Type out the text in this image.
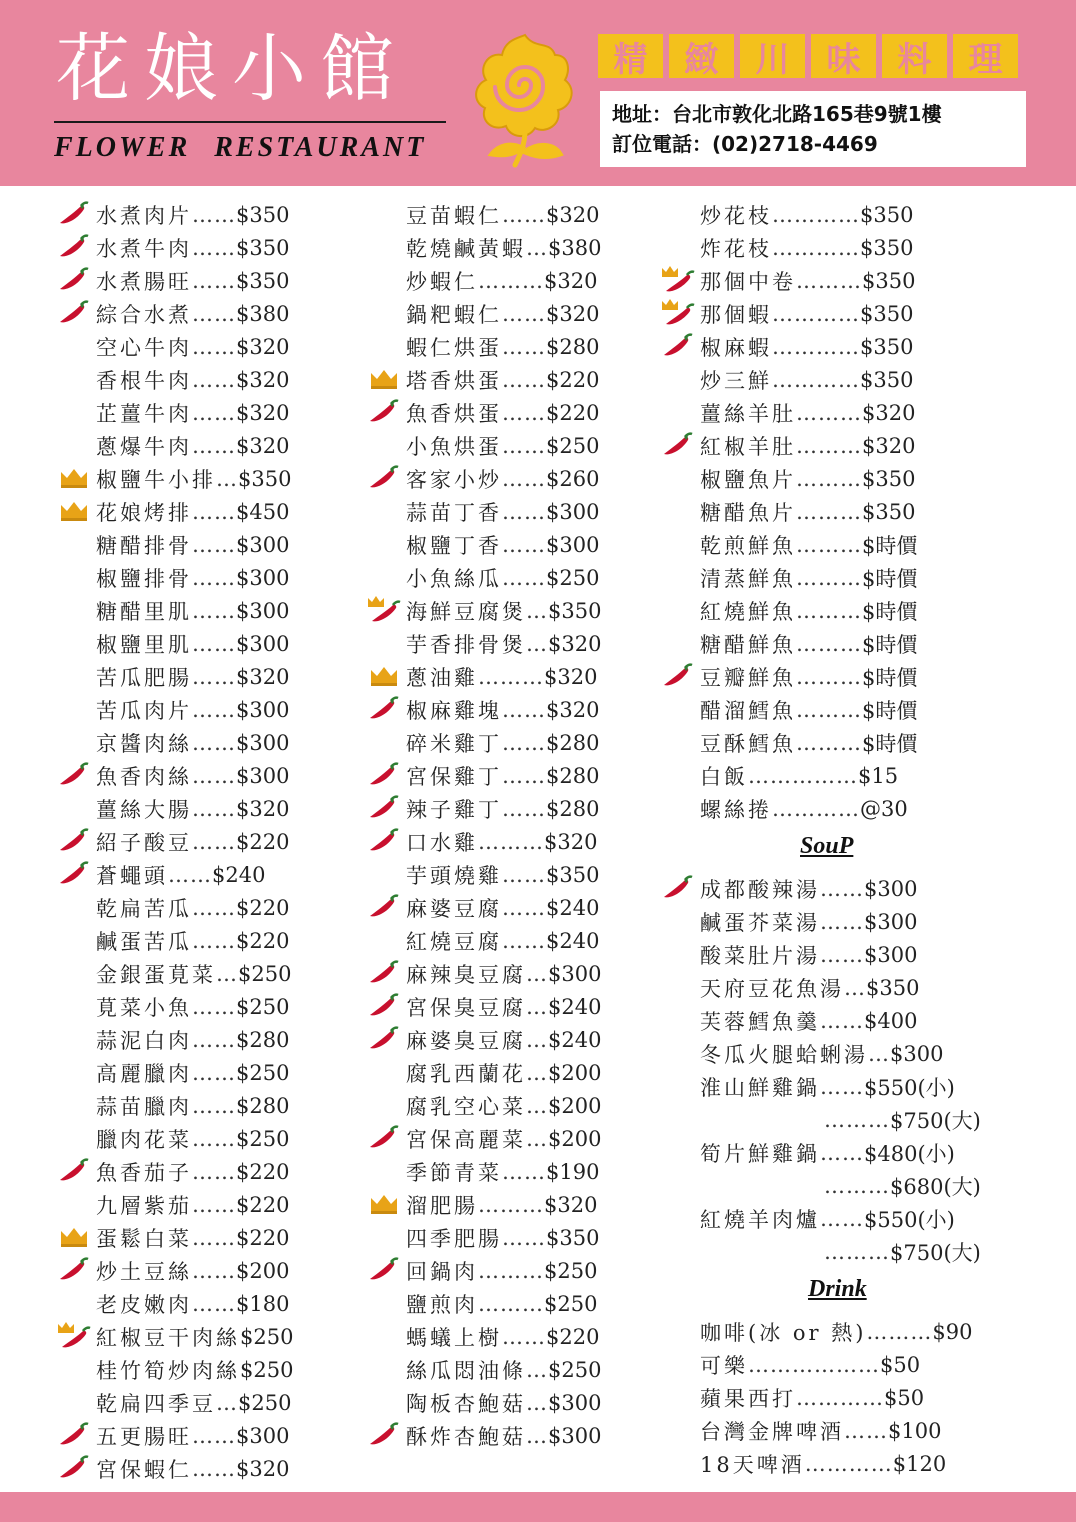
花娘小館
FLOWER RESTAURANT
精	緻	川	味	料	理
地址：台北市敦化北路165巷9號1樓
訂位電話：(02)2718-4469
水煮肉片 …… $350
水煮牛肉 …… $350
水煮腸旺 …… $350
綜合水煮 …… $380
空心牛肉 …… $320
香根牛肉 …… $320
芷薑牛肉 …… $320
蔥爆牛肉 …… $320
椒鹽牛小排 … $350
花娘烤排 …… $450
糖醋排骨 …… $300
椒鹽排骨 …… $300
糖醋里肌 …… $300
椒鹽里肌 …… $300
苦瓜肥腸 …… $320
苦瓜肉片 …… $300
京醬肉絲 …… $300
魚香肉絲 …… $300
薑絲大腸 …… $320
紹子酸豆 …… $220
蒼蠅頭 …… $240
乾扁苦瓜 …… $220
鹹蛋苦瓜 …… $220
金銀蛋莧菜 … $250
莧菜小魚 …… $250
蒜泥白肉 …… $280
高麗臘肉 …… $250
蒜苗臘肉 …… $280
臘肉花菜 …… $250
魚香茄子 …… $220
九層紫茄 …… $220
蛋鬆白菜 …… $220
炒土豆絲 …… $200
老皮嫩肉 …… $180
紅椒豆干肉絲 $250
桂竹筍炒肉絲 $250
乾扁四季豆 … $250
五更腸旺 …… $300
宮保蝦仁 …… $320
豆苗蝦仁 …… $320
乾燒鹹黃蝦 … $380
炒蝦仁 ……… $320
鍋粑蝦仁 …… $320
蝦仁烘蛋 …… $280
塔香烘蛋 …… $220
魚香烘蛋 …… $220
小魚烘蛋 …… $250
客家小炒 …… $260
蒜苗丁香 …… $300
椒鹽丁香 …… $300
小魚絲瓜 …… $250
海鮮豆腐煲 … $350
芋香排骨煲 … $320
蔥油雞 ……… $320
椒麻雞塊 …… $320
碎米雞丁 …… $280
宮保雞丁 …… $280
辣子雞丁 …… $280
口水雞 ……… $320
芋頭燒雞 …… $350
麻婆豆腐 …… $240
紅燒豆腐 …… $240
麻辣臭豆腐 … $300
宮保臭豆腐 … $240
麻婆臭豆腐 … $240
腐乳西蘭花 … $200
腐乳空心菜 … $200
宮保高麗菜 … $200
季節青菜 …… $190
溜肥腸 ……… $320
四季肥腸 …… $350
回鍋肉 ……… $250
鹽煎肉 ……… $250
螞蟻上樹 …… $220
絲瓜悶油條 … $250
陶板杏鮑菇 … $300
酥炸杏鮑菇 … $300
炒花枝 ………… $350
炸花枝 ………… $350
那個中卷 ……… $350
那個蝦 ………… $350
椒麻蝦 ………… $350
炒三鮮 ………… $350
薑絲羊肚 ……… $320
紅椒羊肚 ……… $320
椒鹽魚片 ……… $350
糖醋魚片 ……… $350
乾煎鮮魚 ……… $時價
清蒸鮮魚 ……… $時價
紅燒鮮魚 ……… $時價
糖醋鮮魚 ……… $時價
豆瓣鮮魚 ……… $時價
醋溜鱈魚 ……… $時價
豆酥鱈魚 ……… $時價
白飯 …………… $15
螺絲捲 ………… @30
SouP
成都酸辣湯 …… $300
鹹蛋芥菜湯 …… $300
酸菜肚片湯 …… $300
天府豆花魚湯 … $350
芙蓉鱈魚羹 …… $400
冬瓜火腿蛤蜊湯 … $300
淮山鮮雞鍋 …… $550(小)
……… $750(大)
筍片鮮雞鍋 …… $480(小)
……… $680(大)
紅燒羊肉爐 …… $550(小)
……… $750(大)
Drink
咖啡(冰 or 熱) ……… $90
可樂 ……………… $50
蘋果西打 ………… $50
台灣金牌啤酒 …… $100
18天啤酒 ………… $120
